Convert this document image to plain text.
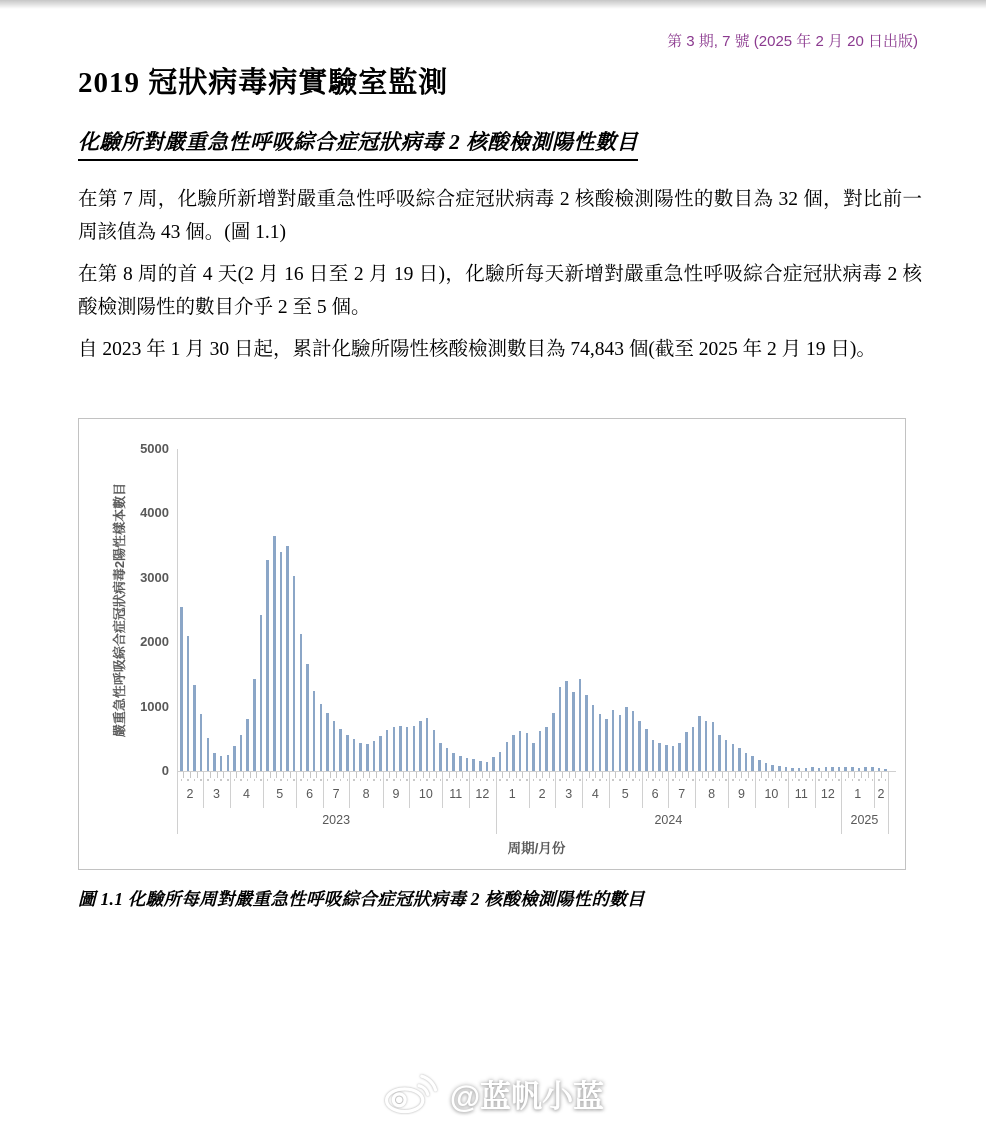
第 3 期, 7 號 (2025 年 2 月 20 日出版)
2019 冠狀病毒病實驗室監測
化驗所對嚴重急性呼吸綜合症冠狀病毒 2 核酸檢測陽性數目

在第 7 周，化驗所新增對嚴重急性呼吸綜合症冠狀病毒 2 核酸檢測陽性的數目為 32 個，對比前一周該值為 43 個。(圖 1.1)

在第 8 周的首 4 天(2 月 16 日至 2 月 19 日)，化驗所每天新增對嚴重急性呼吸綜合症冠狀病毒 2 核酸檢測陽性的數目介乎 2 至 5 個。

自 2023 年 1 月 30 日起，累計化驗所陽性核酸檢測數目為 74,843 個(截至 2025 年 2 月 19 日)。

嚴重急性呼吸綜合症冠狀病毒2陽性樣本數目
0
1000
2000
3000
4000
5000
2 3 4 5 6 7 8 9 10 11 12 1 2 3 4 5 6 7 8 9 10 11 12 1 2
2023	2024	2025
周期/月份
圖 1.1 化驗所每周對嚴重急性呼吸綜合症冠狀病毒 2 核酸檢測陽性的數目
@蓝帆小蓝
